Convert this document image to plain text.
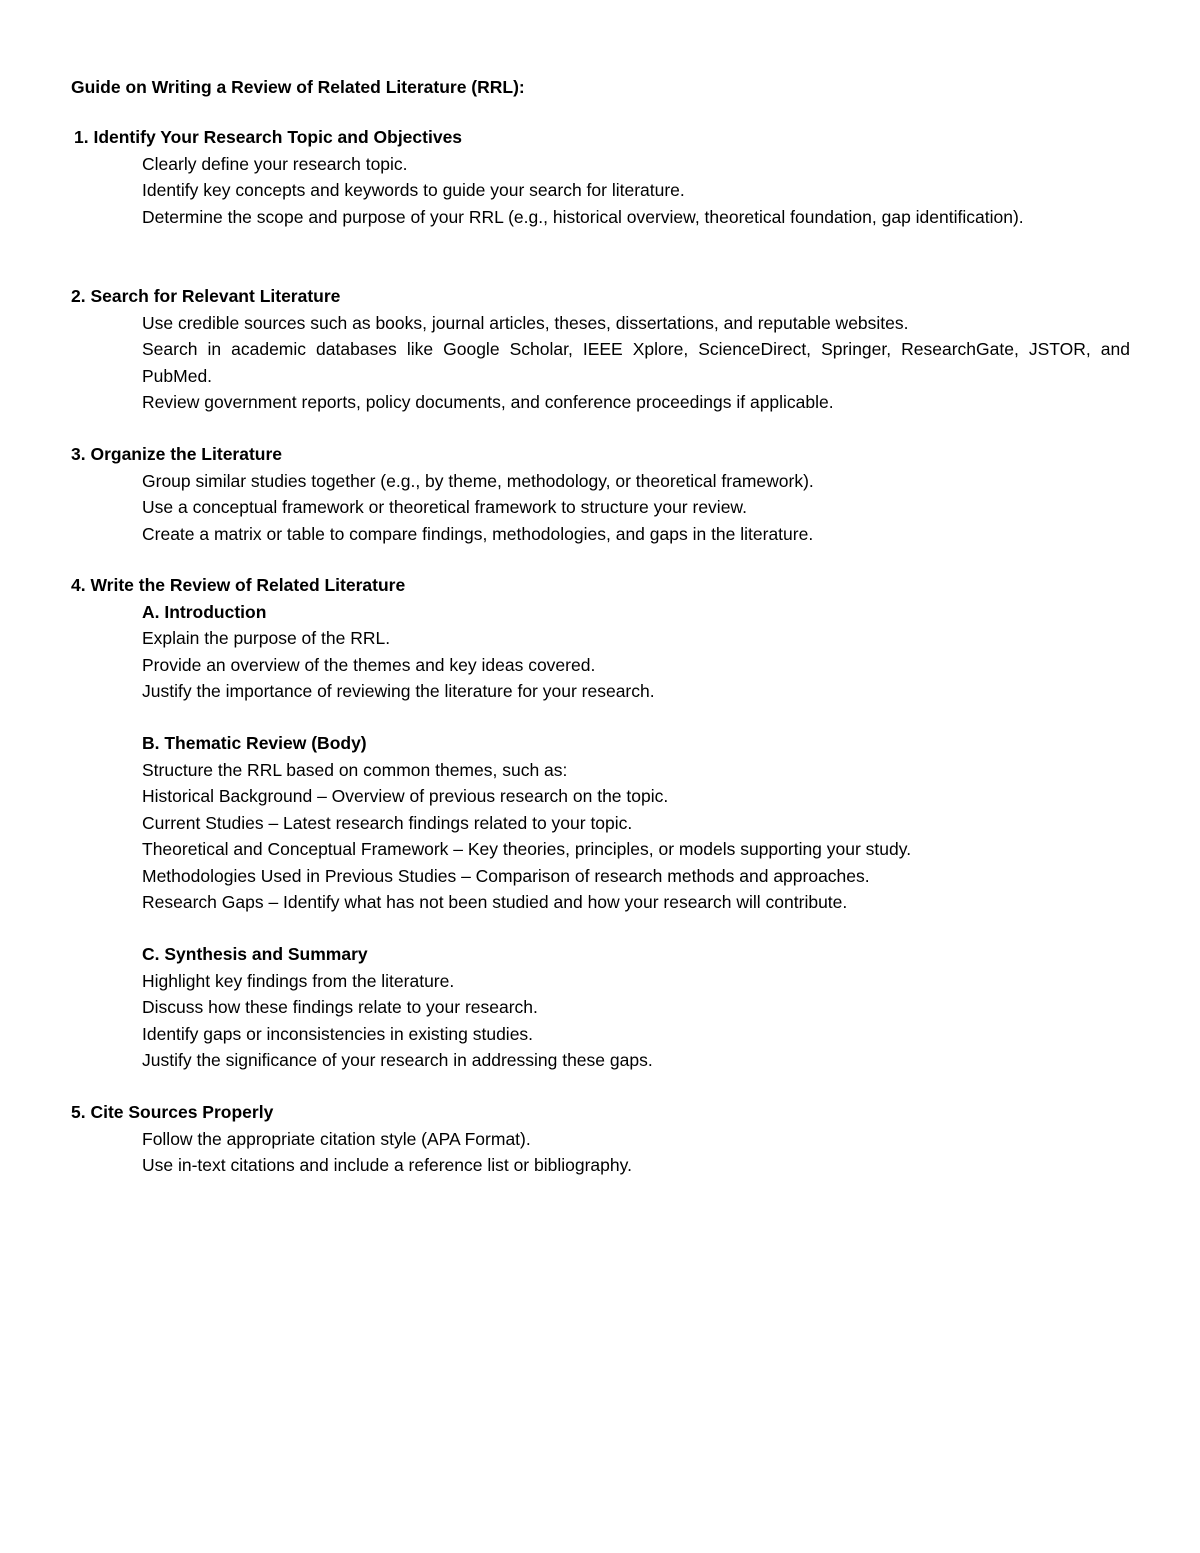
Guide on Writing a Review of Related Literature (RRL):
1. Identify Your Research Topic and Objectives
Clearly define your research topic.
Identify key concepts and keywords to guide your search for literature.
Determine the scope and purpose of your RRL (e.g., historical overview, theoretical foundation, gap identification).
2. Search for Relevant Literature
Use credible sources such as books, journal articles, theses, dissertations, and reputable websites.
Search in academic databases like Google Scholar, IEEE Xplore, ScienceDirect, Springer, ResearchGate, JSTOR, and PubMed.
Review government reports, policy documents, and conference proceedings if applicable.
3. Organize the Literature
Group similar studies together (e.g., by theme, methodology, or theoretical framework).
Use a conceptual framework or theoretical framework to structure your review.
Create a matrix or table to compare findings, methodologies, and gaps in the literature.
4. Write the Review of Related Literature
A. Introduction
Explain the purpose of the RRL.
Provide an overview of the themes and key ideas covered.
Justify the importance of reviewing the literature for your research.
B. Thematic Review (Body)
Structure the RRL based on common themes, such as:
Historical Background – Overview of previous research on the topic.
Current Studies – Latest research findings related to your topic.
Theoretical and Conceptual Framework – Key theories, principles, or models supporting your study.
Methodologies Used in Previous Studies – Comparison of research methods and approaches.
Research Gaps – Identify what has not been studied and how your research will contribute.
C. Synthesis and Summary
Highlight key findings from the literature.
Discuss how these findings relate to your research.
Identify gaps or inconsistencies in existing studies.
Justify the significance of your research in addressing these gaps.
5. Cite Sources Properly
Follow the appropriate citation style (APA Format).
Use in-text citations and include a reference list or bibliography.
